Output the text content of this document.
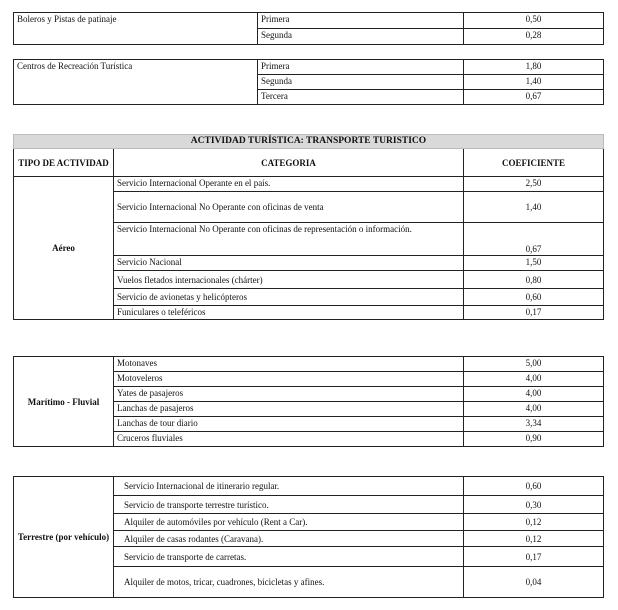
Boleros y Pistas de patinaje	Primera	0,50
	Segunda	0,28
Centros de Recreación Turística	Primera	1,80
	Segunda	1,40
	Tercera	0,67
ACTIVIDAD TURÍSTICA: TRANSPORTE TURISTICO		
TIPO DE ACTIVIDAD	CATEGORIA	COEFICIENTE
Aéreo	Servicio Internacional Operante en el país.	2,50
	Servicio Internacional No Operante con oficinas de venta	1,40
	Servicio Internacional No Operante con oficinas de representación o información.	0,67
	Servicio Nacional	1,50
	Vuelos fletados internacionales (chárter)	0,80
	Servicio de avionetas y helicópteros	0,60
	Funiculares o teleféricos	0,17
Marítimo - Fluvial	Motonaves	5,00
	Motoveleros	4,00
	Yates de pasajeros	4,00
	Lanchas de pasajeros	4,00
	Lanchas de tour diario	3,34
	Cruceros fluviales	0,90
Terrestre (por vehículo)	Servicio Internacional de itinerario regular.	0,60
	Servicio de transporte terrestre turístico.	0,30
	Alquiler de automóviles por vehículo (Rent a Car).	0,12
	Alquiler de casas rodantes (Caravana).	0,12
	Servicio de transporte de carretas.	0,17
	Alquiler de motos, tricar, cuadrones, bicicletas y afines.	0,04
